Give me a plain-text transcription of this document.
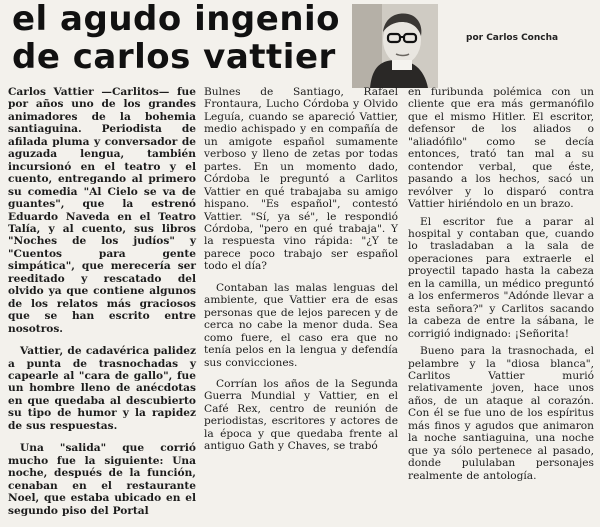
el agudo ingenio
de carlos vattier	por Carlos Concha

Carlos Vattier —Carlitos— fue por años uno de los grandes animadores de la bohemia santiaguina. Periodista de afilada pluma y conversador de aguzada lengua, también incursionó en el teatro y el cuento, entregando al primero su comedia "Al Cielo se va de guantes", que la estrenó Eduardo Naveda en el Teatro Talía, y al cuento, sus libros "Noches de los judíos" y "Cuentos para gente simpática", que merecería ser reeditado y rescatado del olvido ya que contiene algunos de los relatos más graciosos que se han escrito entre nosotros.

Vattier, de cadavérica palidez a punta de trasnochadas y capearle al "cara de gallo", fue un hombre lleno de anécdotas en que quedaba al descubierto su tipo de humor y la rapidez de sus respuestas.

Una "salida" que corrió mucho fue la siguiente: Una noche, después de la función, cenaban en el restaurante Noel, que estaba ubicado en el segundo piso del Portal

Bulnes de Santiago, Rafael Frontaura, Lucho Córdoba y Olvido Leguía, cuando se apareció Vattier, medio achispado y en compañía de un amigote español sumamente verboso y lleno de zetas por todas partes. En un momento dado, Córdoba le preguntó a Carlitos Vattier en qué trabajaba su amigo hispano. "Es español", contestó Vattier. "Sí, ya sé", le respondió Córdoba, "pero en qué trabaja". Y la respuesta vino rápida: "¿Y te parece poco trabajo ser español todo el día?

Contaban las malas lenguas del ambiente, que Vattier era de esas personas que de lejos parecen y de cerca no cabe la menor duda. Sea como fuere, el caso era que no tenía pelos en la lengua y defendía sus convicciones.

Corrían los años de la Segunda Guerra Mundial y Vattier, en el Café Rex, centro de reunión de periodistas, escritores y actores de la época y que quedaba frente al antiguo Gath y Chaves, se trabó

en furibunda polémica con un cliente que era más germanófilo que el mismo Hitler. El escritor, defensor de los aliados o "aliadófilo" como se decía entonces, trató tan mal a su contendor verbal, que éste, pasando a los hechos, sacó un revólver y lo disparó contra Vattier hiriéndolo en un brazo.

El escritor fue a parar al hospital y contaban que, cuando lo trasladaban a la sala de operaciones para extraerle el proyectil tapado hasta la cabeza en la camilla, un médico preguntó a los enfermeros "Adónde llevar a esta señora?" y Carlitos sacando la cabeza de entre la sábana, le corrigió indignado: ¡Señorita!

Bueno para la trasnochada, el pelambre y la "diosa blanca", Carlitos Vattier murió relativamente joven, hace unos años, de un ataque al corazón. Con él se fue uno de los espíritus más finos y agudos que animaron la noche santiaguina, una noche que ya sólo pertenece al pasado, donde pululaban personajes realmente de antología.
